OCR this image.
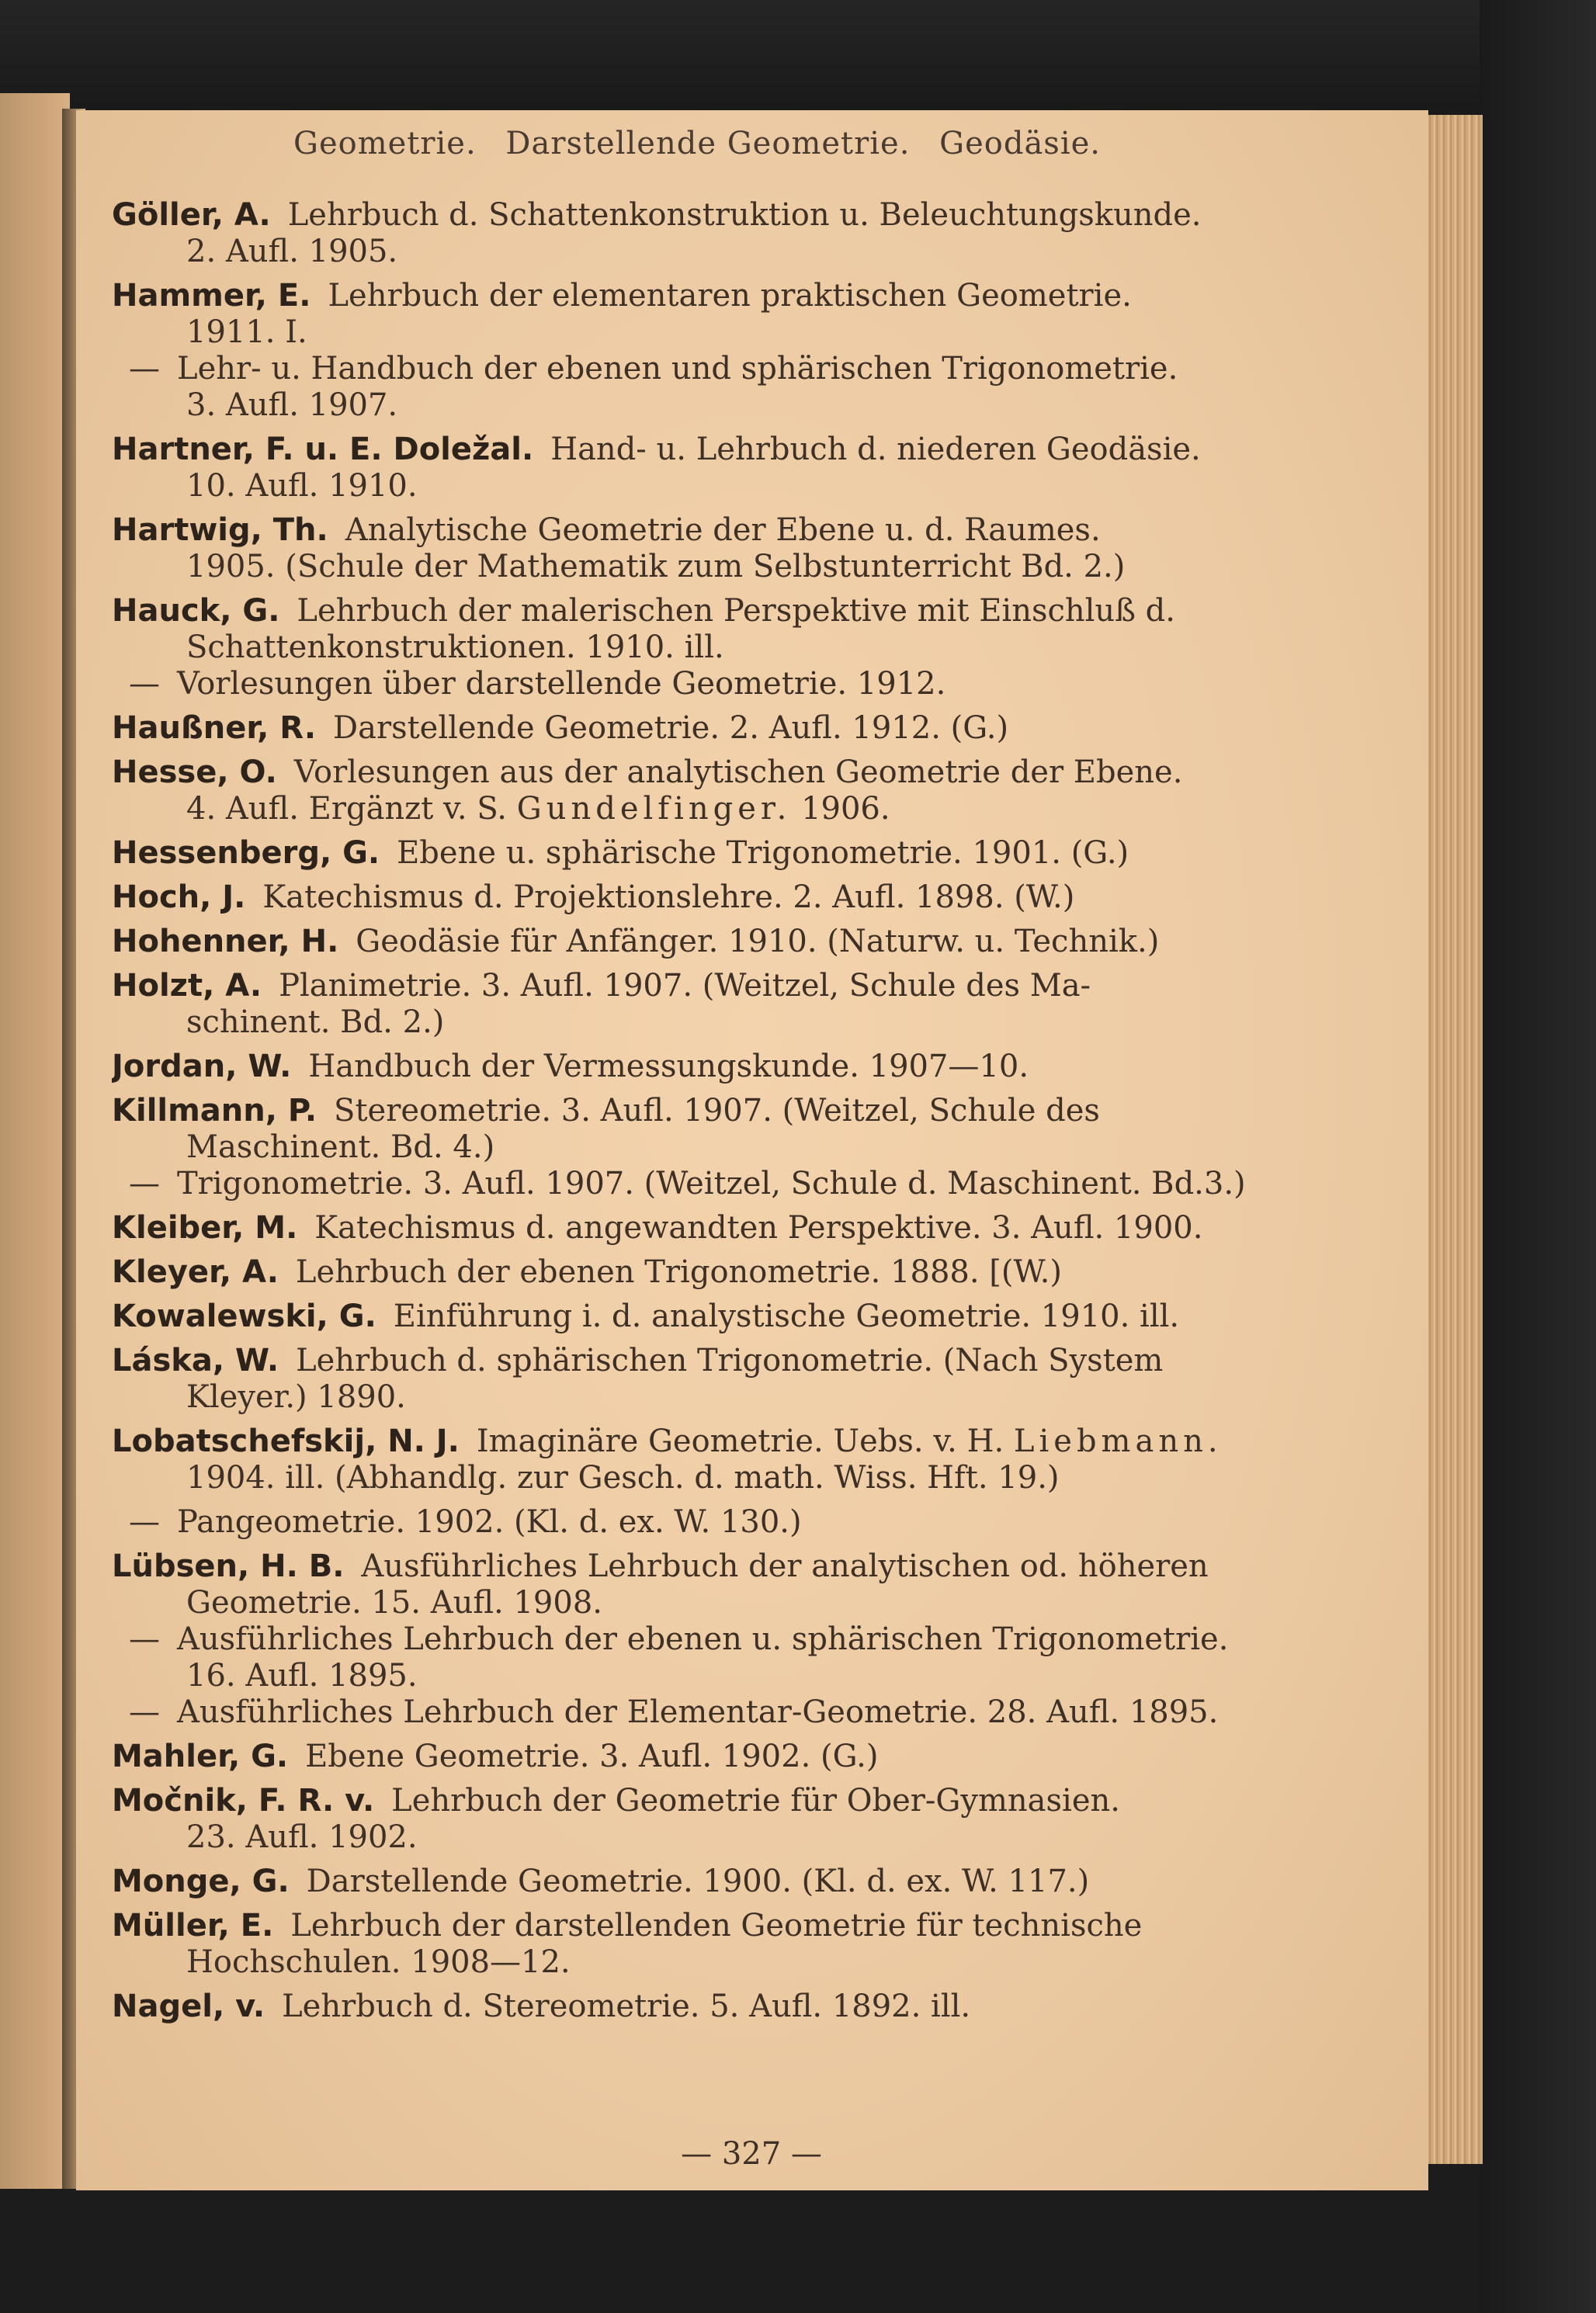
Geometrie. Darstellende Geometrie. Geodäsie.
Göller, A. Lehrbuch d. Schattenkonstruktion u. Beleuchtungskunde.
2. Aufl. 1905.
Hammer, E. Lehrbuch der elementaren praktischen Geometrie.
1911. I.
— Lehr- u. Handbuch der ebenen und sphärischen Trigonometrie.
3. Aufl. 1907.
Hartner, F. u. E. Doležal. Hand- u. Lehrbuch d. niederen Geodäsie.
10. Aufl. 1910.
Hartwig, Th. Analytische Geometrie der Ebene u. d. Raumes.
1905. (Schule der Mathematik zum Selbstunterricht Bd. 2.)
Hauck, G. Lehrbuch der malerischen Perspektive mit Einschluß d.
Schattenkonstruktionen. 1910. ill.
— Vorlesungen über darstellende Geometrie. 1912.
Haußner, R. Darstellende Geometrie. 2. Aufl. 1912. (G.)
Hesse, O. Vorlesungen aus der analytischen Geometrie der Ebene.
4. Aufl. Ergänzt v. S. Gundelfinger. 1906.
Hessenberg, G. Ebene u. sphärische Trigonometrie. 1901. (G.)
Hoch, J. Katechismus d. Projektionslehre. 2. Aufl. 1898. (W.)
Hohenner, H. Geodäsie für Anfänger. 1910. (Naturw. u. Technik.)
Holzt, A. Planimetrie. 3. Aufl. 1907. (Weitzel, Schule des Ma-
schinent. Bd. 2.)
Jordan, W. Handbuch der Vermessungskunde. 1907—10.
Killmann, P. Stereometrie. 3. Aufl. 1907. (Weitzel, Schule des
Maschinent. Bd. 4.)
— Trigonometrie. 3. Aufl. 1907. (Weitzel, Schule d. Maschinent. Bd.3.)
Kleiber, M. Katechismus d. angewandten Perspektive. 3. Aufl. 1900.
Kleyer, A. Lehrbuch der ebenen Trigonometrie. 1888. [(W.)
Kowalewski, G. Einführung i. d. analystische Geometrie. 1910. ill.
Láska, W. Lehrbuch d. sphärischen Trigonometrie. (Nach System
Kleyer.) 1890.
Lobatschefskij, N. J. Imaginäre Geometrie. Uebs. v. H. Liebmann.
1904. ill. (Abhandlg. zur Gesch. d. math. Wiss. Hft. 19.)
— Pangeometrie. 1902. (Kl. d. ex. W. 130.)
Lübsen, H. B. Ausführliches Lehrbuch der analytischen od. höheren
Geometrie. 15. Aufl. 1908.
— Ausführliches Lehrbuch der ebenen u. sphärischen Trigonometrie.
16. Aufl. 1895.
— Ausführliches Lehrbuch der Elementar-Geometrie. 28. Aufl. 1895.
Mahler, G. Ebene Geometrie. 3. Aufl. 1902. (G.)
Močnik, F. R. v. Lehrbuch der Geometrie für Ober-Gymnasien.
23. Aufl. 1902.
Monge, G. Darstellende Geometrie. 1900. (Kl. d. ex. W. 117.)
Müller, E. Lehrbuch der darstellenden Geometrie für technische
Hochschulen. 1908—12.
Nagel, v. Lehrbuch d. Stereometrie. 5. Aufl. 1892. ill.
— 327 —
